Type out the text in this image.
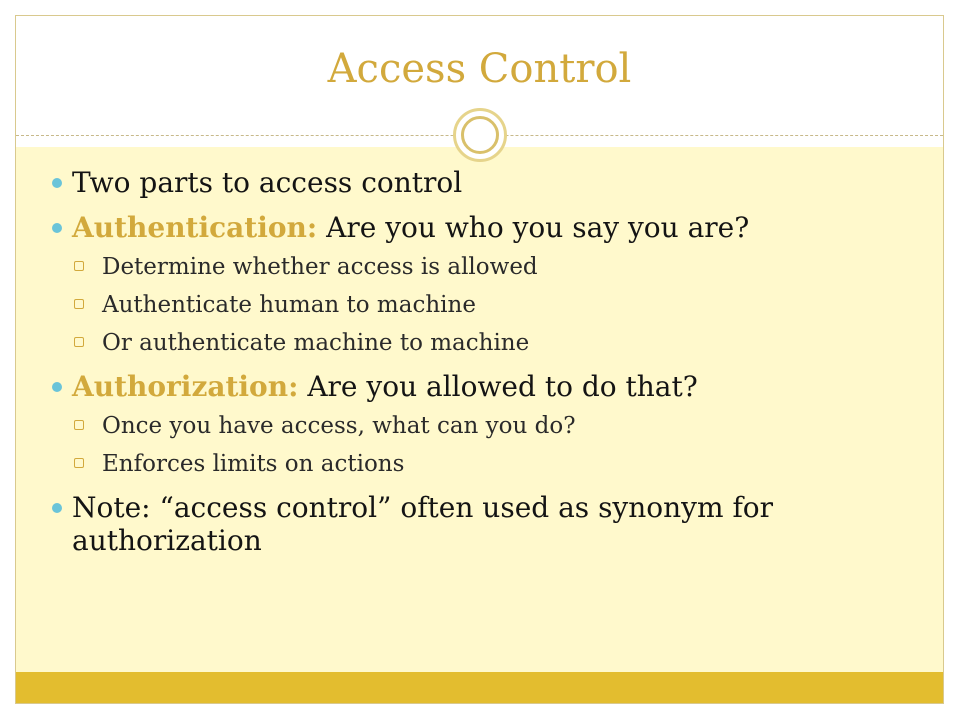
Access Control
Two parts to access control
Authentication: Are you who you say you are?
Determine whether access is allowed
Authenticate human to machine
Or authenticate machine to machine
Authorization: Are you allowed to do that?
Once you have access, what can you do?
Enforces limits on actions
Note: “access control” often used as synonym for authorization
